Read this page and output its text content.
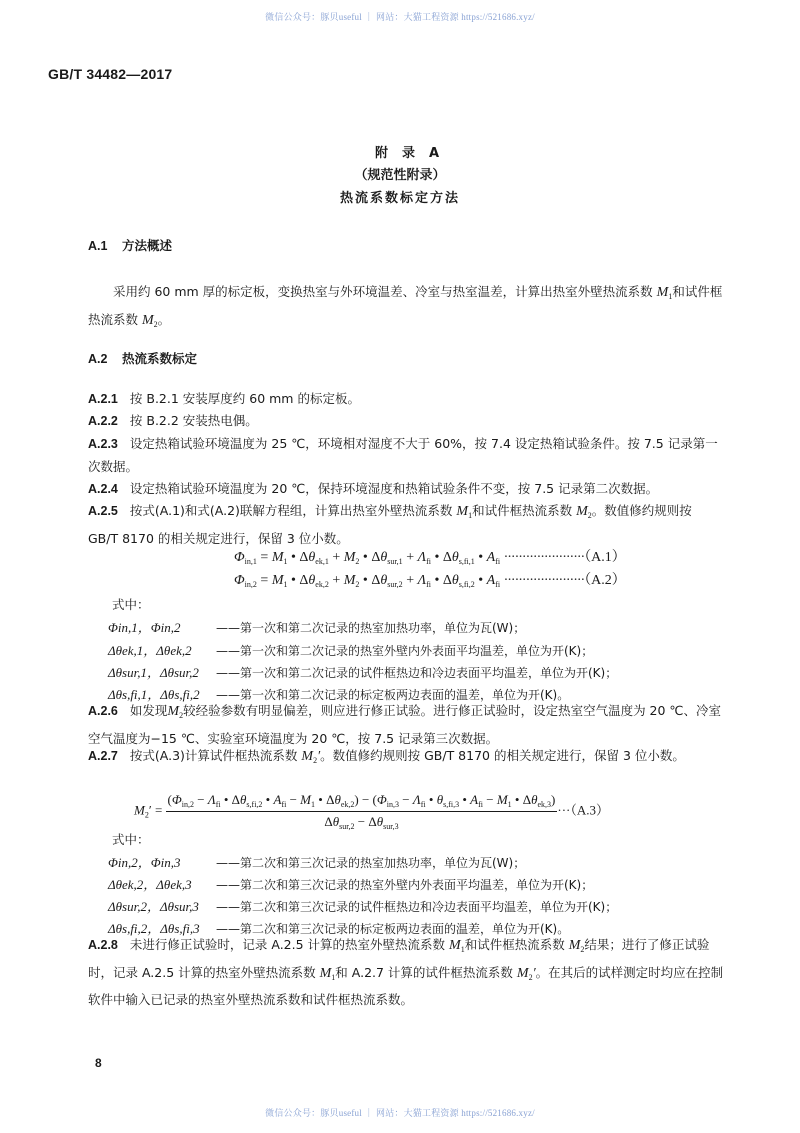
微信公众号：豚贝useful ｜ 网站：大猫工程资源 https://521686.xyz/
GB/T 34482—2017
附录A
（规范性附录）
热流系数标定方法
A.1 方法概述
采用约 60 mm 厚的标定板，变换热室与外环境温差、冷室与热室温差，计算出热室外壁热流系数 $M_1$和试件框热流系数 $M_2$。
A.2 热流系数标定
A.2.1 按 B.2.1 安装厚度约 60 mm 的标定板。
A.2.2 按 B.2.2 安装热电偶。
A.2.3 设定热箱试验环境温度为 25 ℃，环境相对湿度不大于 60%，按 7.4 设定热箱试验条件。按 7.5 记录第一次数据。
A.2.4 设定热箱试验环境温度为 20 ℃，保持环境湿度和热箱试验条件不变，按 7.5 记录第二次数据。
A.2.5 按式(A.1)和式(A.2)联解方程组，计算出热室外壁热流系数 $M_1$和试件框热流系数 $M_2$。数值修约规则按 GB/T 8170 的相关规定进行，保留 3 位小数。
$\Phi_{in,1} = M_1$ • $\Delta\theta_{ek,1} + M_2$ • $\Delta\theta_{sur,1} + \Lambda_{fi}$ • $\Delta\theta_{s,fi,1}$ • $A_{fi} \cdot\cdot\cdot\cdot\cdot\cdot\cdot\cdot\cdot\cdot\cdot\cdot\cdot\cdot\cdot\cdot\cdot\cdot\cdot\cdot\cdot\cdot(A.1)$
$\Phi_{in,2} = M_1$ • $\Delta\theta_{ek,2} + M_2$ • $\Delta\theta_{sur,2} + \Lambda_{fi}$ • $\Delta\theta_{s,fi,2}$ • $A_{fi} \cdot\cdot\cdot\cdot\cdot\cdot\cdot\cdot\cdot\cdot\cdot\cdot\cdot\cdot\cdot\cdot\cdot\cdot\cdot\cdot\cdot\cdot(A.2)$
式中：
Φin,1，Φin,2	——第一次和第二次记录的热室加热功率，单位为瓦(W)；
Δθek,1，Δθek,2 ——第一次和第二次记录的热室外壁内外表面平均温差，单位为开(K)；
Δθsur,1，Δθsur,2 ——第一次和第二次记录的试件框热边和冷边表面平均温差，单位为开(K)；
Δθs,fi,1，Δθs,fi,2 ——第一次和第二次记录的标定板两边表面的温差，单位为开(K)。
A.2.6 如发现$M_2$较经验参数有明显偏差，则应进行修正试验。进行修正试验时，设定热室空气温度为 20 ℃、冷室空气温度为−15 ℃、实验室环境温度为 20 ℃，按 7.5 记录第三次数据。
A.2.7 按式(A.3)计算试件框热流系数 $M_2'$。数值修约规则按 GB/T 8170 的相关规定进行，保留 3 位小数。
$M_2'$ =
($\Phi_{in,2} - \Lambda_{fi}$ • $\Delta\theta_{s,fi,2}$ • $A_{fi} - M_1$ • $\Delta\theta_{ek,2}) - (\Phi_{in,3} - \Lambda_{fi}$ • $\theta_{s,fi,3}$ • $A_{fi} - M_1$ • $\Delta\theta_{ek,3}$)
$\Delta\theta_{sur,2} - \Delta\theta_{sur,3}$
···（A.3）
式中：
Φin,2，Φin,3	——第二次和第三次记录的热室加热功率，单位为瓦(W)；
Δθek,2，Δθek,3 ——第二次和第三次记录的热室外壁内外表面平均温差，单位为开(K)；
Δθsur,2，Δθsur,3 ——第二次和第三次记录的试件框热边和冷边表面平均温差，单位为开(K)；
Δθs,fi,2，Δθs,fi,3 ——第二次和第三次记录的标定板两边表面的温差，单位为开(K)。
A.2.8 未进行修正试验时，记录 A.2.5 计算的热室外壁热流系数 $M_1$和试件框热流系数 $M_2$结果；进行了修正试验时，记录 A.2.5 计算的热室外壁热流系数 $M_1$和 A.2.7 计算的试件框热流系数 $M_2'$。在其后的试样测定时均应在控制软件中输入已记录的热室外壁热流系数和试件框热流系数。
8
微信公众号：豚贝useful ｜ 网站：大猫工程资源 https://521686.xyz/
